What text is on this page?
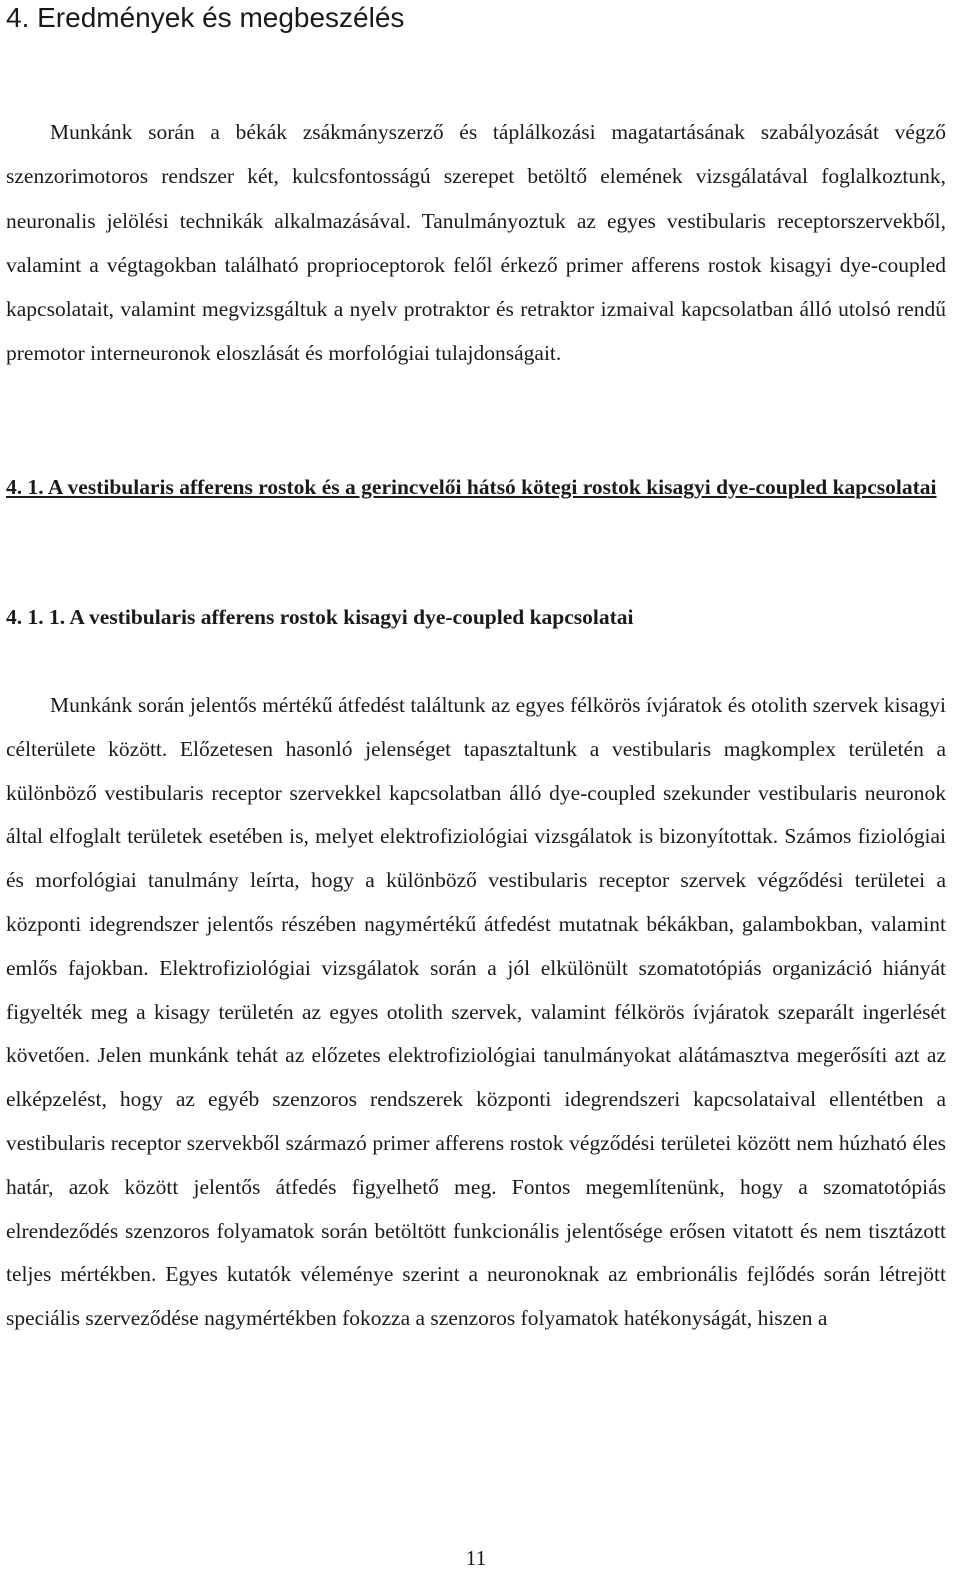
4. Eredmények és megbeszélés

Munkánk során a békák zsákmányszerző és táplálkozási magatartásának szabályozását végző szenzorimotoros rendszer két, kulcsfontosságú szerepet betöltő elemének vizsgálatával foglalkoztunk, neuronalis jelölési technikák alkalmazásával. Tanulmányoztuk az egyes vestibularis receptorszervekből, valamint a végtagokban található proprioceptorok felől érkező primer afferens rostok kisagyi dye-coupled kapcsolatait, valamint megvizsgáltuk a nyelv protraktor és retraktor izmaival kapcsolatban álló utolsó rendű premotor interneuronok eloszlását és morfológiai tulajdonságait.

4. 1. A vestibularis afferens rostok és a gerincvelői hátsó kötegi rostok kisagyi dye-coupled kapcsolatai
4. 1. 1. A vestibularis afferens rostok kisagyi dye-coupled kapcsolatai

Munkánk során jelentős mértékű átfedést találtunk az egyes félkörös ívjáratok és otolith szervek kisagyi célterülete között. Előzetesen hasonló jelenséget tapasztaltunk a vestibularis magkomplex területén a különböző vestibularis receptor szervekkel kapcsolatban álló dye-coupled szekunder vestibularis neuronok által elfoglalt területek esetében is, melyet elektrofiziológiai vizsgálatok is bizonyítottak. Számos fiziológiai és morfológiai tanulmány leírta, hogy a különböző vestibularis receptor szervek végződési területei a központi idegrendszer jelentős részében nagymértékű átfedést mutatnak békákban, galambokban, valamint emlős fajokban. Elektrofiziológiai vizsgálatok során a jól elkülönült szomatotópiás organizáció hiányát figyelték meg a kisagy területén az egyes otolith szervek, valamint félkörös ívjáratok szeparált ingerlését követően. Jelen munkánk tehát az előzetes elektrofiziológiai tanulmányokat alátámasztva megerősíti azt az elképzelést, hogy az egyéb szenzoros rendszerek központi idegrendszeri kapcsolataival ellentétben a vestibularis receptor szervekből származó primer afferens rostok végződési területei között nem húzható éles határ, azok között jelentős átfedés figyelhető meg. Fontos megemlítenünk, hogy a szomatotópiás elrendeződés szenzoros folyamatok során betöltött funkcionális jelentősége erősen vitatott és nem tisztázott teljes mértékben. Egyes kutatók véleménye szerint a neuronoknak az embrionális fejlődés során létrejött speciális szerveződése nagymértékben fokozza a szenzoros folyamatok hatékonyságát, hiszen a

11
